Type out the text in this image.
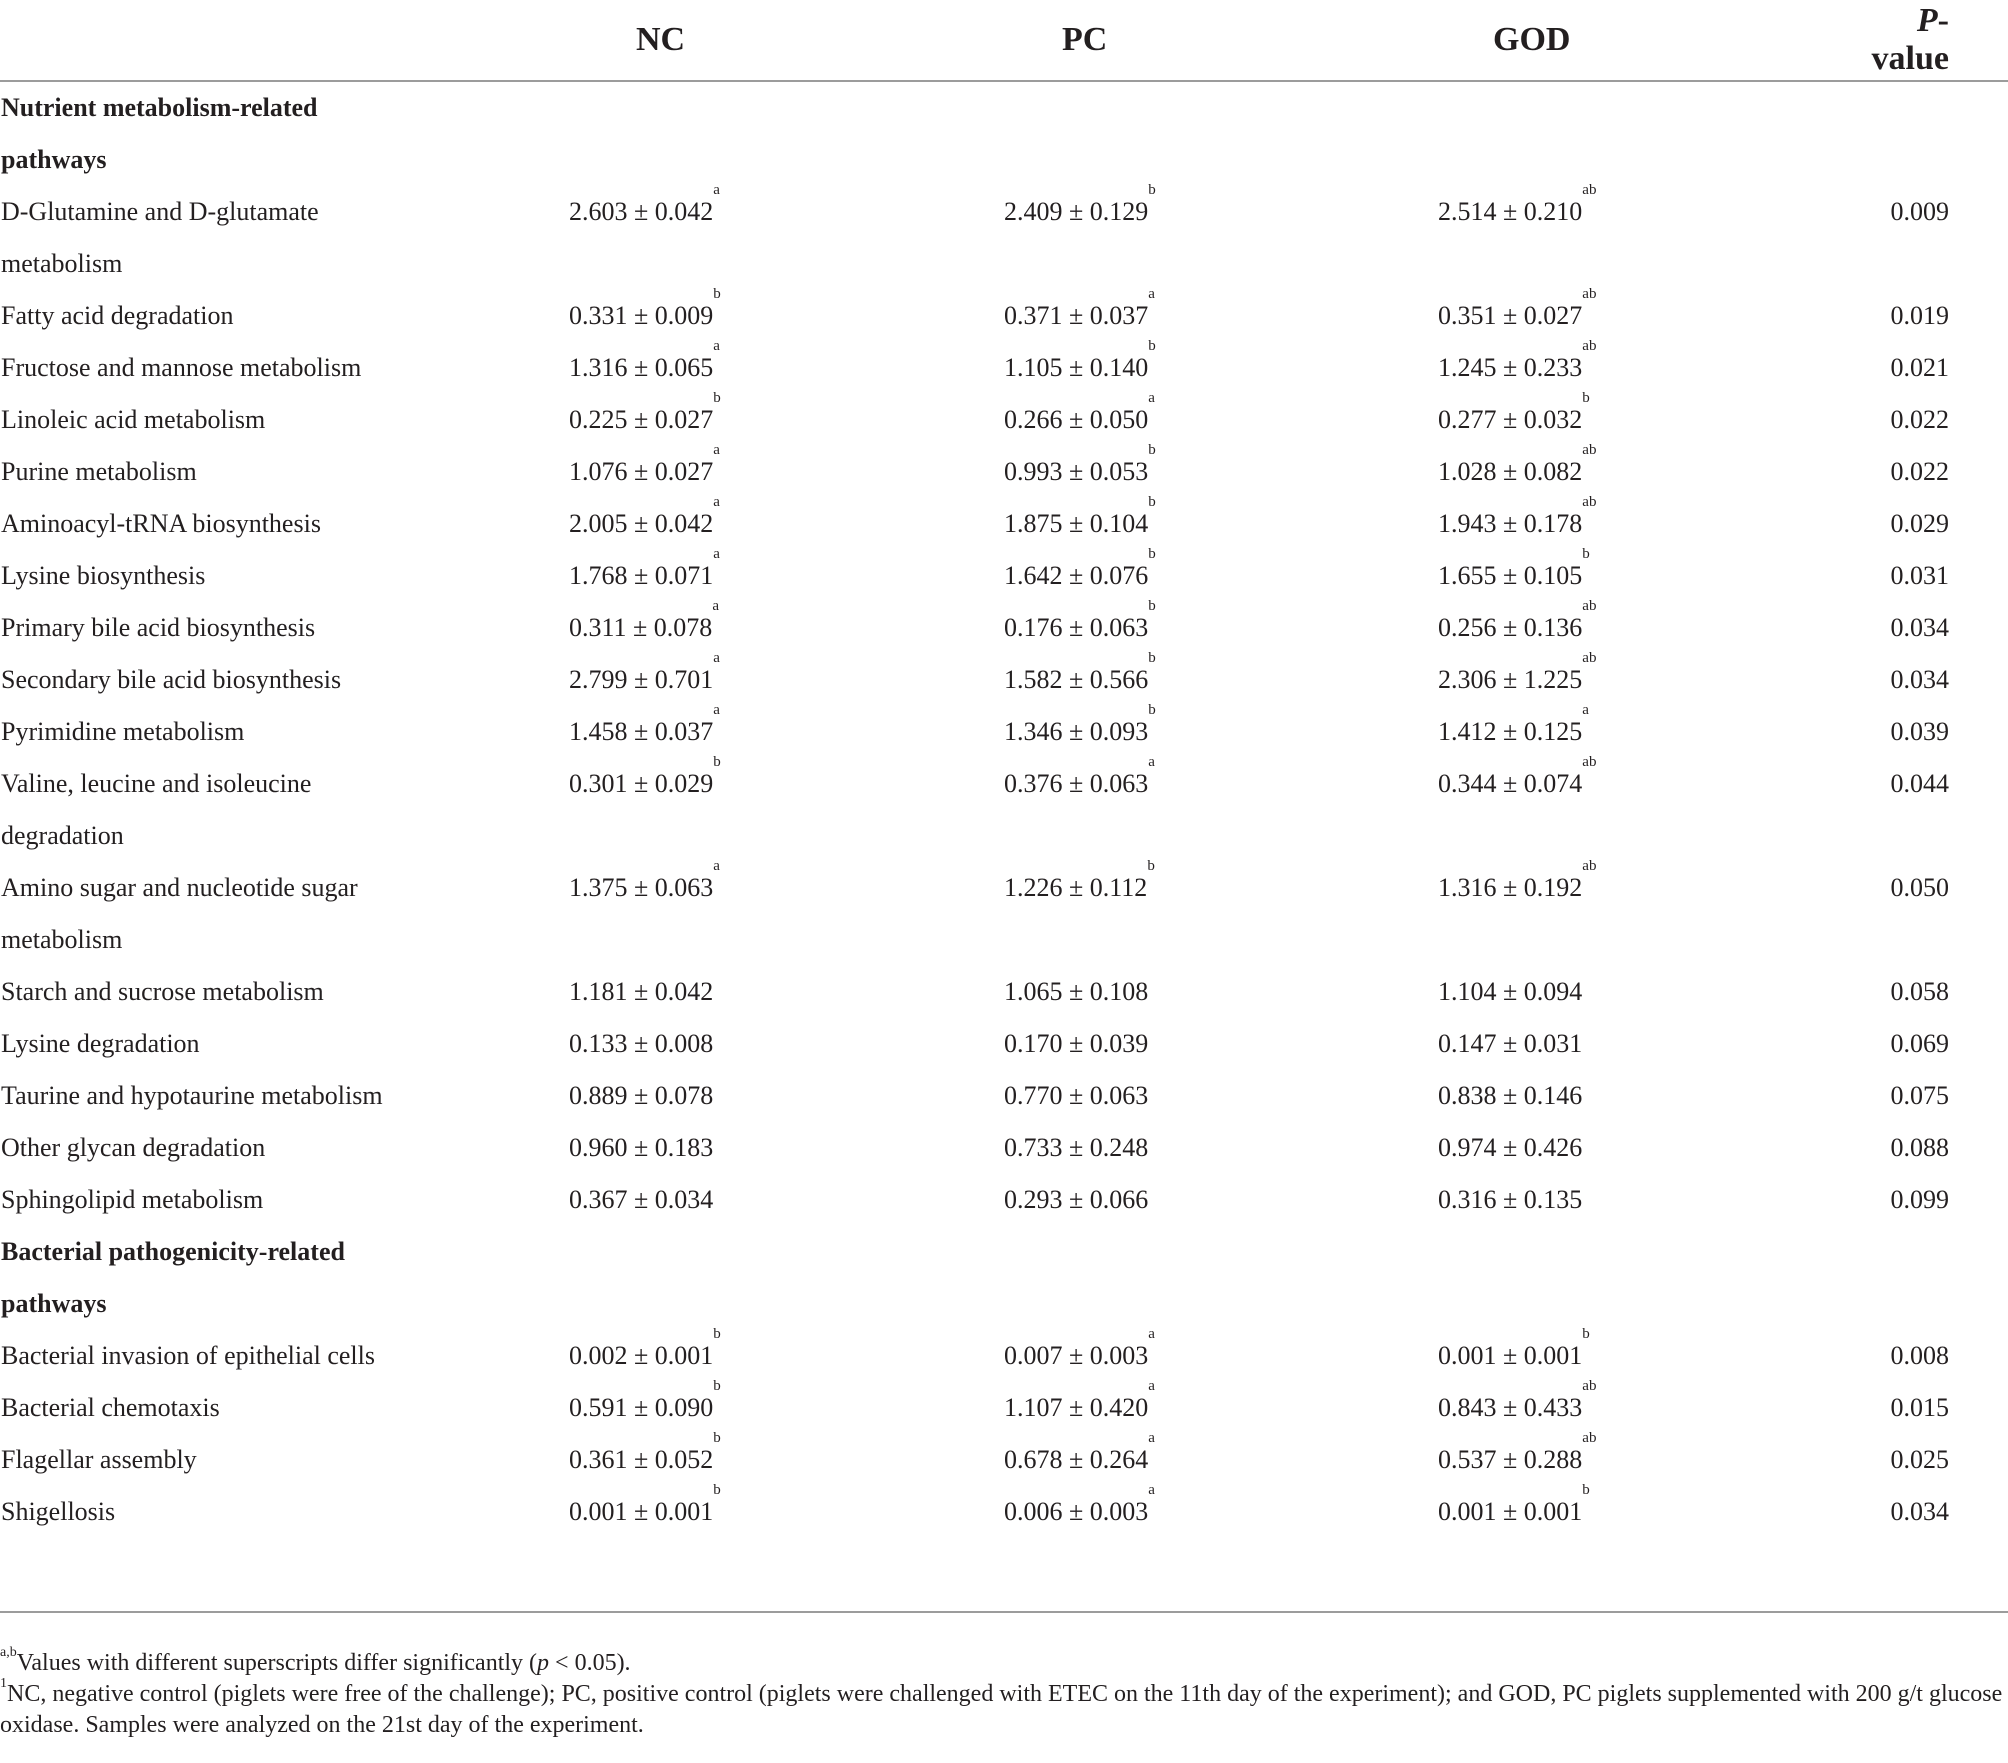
	NC	PC	GOD	P-value

Nutrient metabolism-related pathways				

D-Glutamine and D-glutamate metabolism	2.603 ± 0.042$^a$	2.409 ± 0.129$^b$	2.514 ± 0.210$^{ab}$	0.009

Fatty acid degradation	0.331 ± 0.009$^b$	0.371 ± 0.037$^a$	0.351 ± 0.027$^{ab}$	0.019

Fructose and mannose metabolism	1.316 ± 0.065$^a$	1.105 ± 0.140$^b$	1.245 ± 0.233$^{ab}$	0.021

Linoleic acid metabolism	0.225 ± 0.027$^b$	0.266 ± 0.050$^a$	0.277 ± 0.032$^b$	0.022

Purine metabolism	1.076 ± 0.027$^a$	0.993 ± 0.053$^b$	1.028 ± 0.082$^{ab}$	0.022

Aminoacyl-tRNA biosynthesis	2.005 ± 0.042$^a$	1.875 ± 0.104$^b$	1.943 ± 0.178$^{ab}$	0.029

Lysine biosynthesis	1.768 ± 0.071$^a$	1.642 ± 0.076$^b$	1.655 ± 0.105$^b$	0.031

Primary bile acid biosynthesis	0.311 ± 0.078$^a$	0.176 ± 0.063$^b$	0.256 ± 0.136$^{ab}$	0.034

Secondary bile acid biosynthesis	2.799 ± 0.701$^a$	1.582 ± 0.566$^b$	2.306 ± 1.225$^{ab}$	0.034

Pyrimidine metabolism	1.458 ± 0.037$^a$	1.346 ± 0.093$^b$	1.412 ± 0.125$^a$	0.039

Valine, leucine and isoleucine degradation	0.301 ± 0.029$^b$	0.376 ± 0.063$^a$	0.344 ± 0.074$^{ab}$	0.044

Amino sugar and nucleotide sugar metabolism	1.375 ± 0.063$^a$	1.226 ± 0.112$^b$	1.316 ± 0.192$^{ab}$	0.050

Starch and sucrose metabolism	1.181 ± 0.042	1.065 ± 0.108	1.104 ± 0.094	0.058

Lysine degradation	0.133 ± 0.008	0.170 ± 0.039	0.147 ± 0.031	0.069

Taurine and hypotaurine metabolism	0.889 ± 0.078	0.770 ± 0.063	0.838 ± 0.146	0.075

Other glycan degradation	0.960 ± 0.183	0.733 ± 0.248	0.974 ± 0.426	0.088

Sphingolipid metabolism	0.367 ± 0.034	0.293 ± 0.066	0.316 ± 0.135	0.099

Bacterial pathogenicity-related pathways				

Bacterial invasion of epithelial cells	0.002 ± 0.001$^b$	0.007 ± 0.003$^a$	0.001 ± 0.001$^b$	0.008

Bacterial chemotaxis	0.591 ± 0.090$^b$	1.107 ± 0.420$^a$	0.843 ± 0.433$^{ab}$	0.015

Flagellar assembly	0.361 ± 0.052$^b$	0.678 ± 0.264$^a$	0.537 ± 0.288$^{ab}$	0.025

Shigellosis	0.001 ± 0.001$^b$	0.006 ± 0.003$^a$	0.001 ± 0.001$^b$	0.034

$^{a,b}$Values with different superscripts differ significantly (p < 0.05).

$^1$NC, negative control (piglets were free of the challenge); PC, positive control (piglets were challenged with ETEC on the 11th day of the experiment); and GOD, PC piglets supplemented with 200 g/t glucose oxidase. Samples were analyzed on the 21st day of the experiment.
